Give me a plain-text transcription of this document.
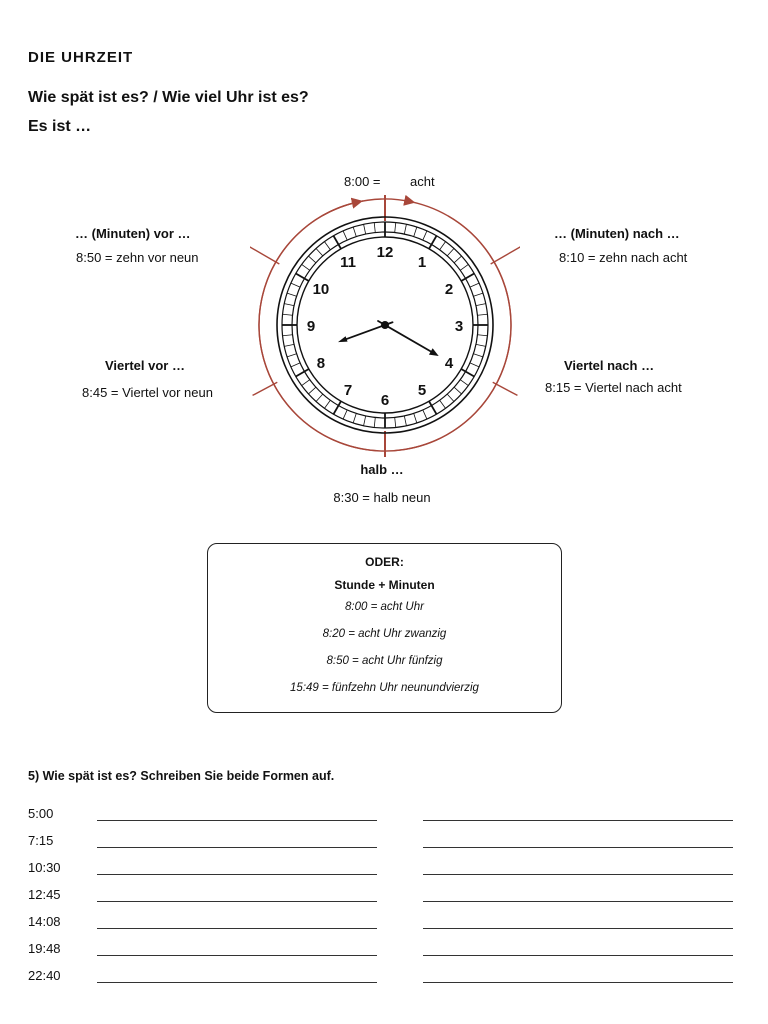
DIE UHRZEIT
Wie spät ist es? / Wie viel Uhr ist es?
Es ist …
8:00 = acht
… (Minuten) vor …
8:50 = zehn vor neun
… (Minuten) nach …
8:10 = zehn nach acht
Viertel vor …
8:45 = Viertel vor neun
Viertel nach …
8:15 = Viertel nach acht
halb …
8:30 = halb neun
12
1
2
3
4
5
6
7
8
9
10
11
ODER:
Stunde + Minuten
8:00 = acht Uhr
8:20 = acht Uhr zwanzig
8:50 = acht Uhr fünfzig
15:49 = fünfzehn Uhr neunundvierzig
5) Wie spät ist es? Schreiben Sie beide Formen auf.
5:00
7:15
10:30
12:45
14:08
19:48
22:40
